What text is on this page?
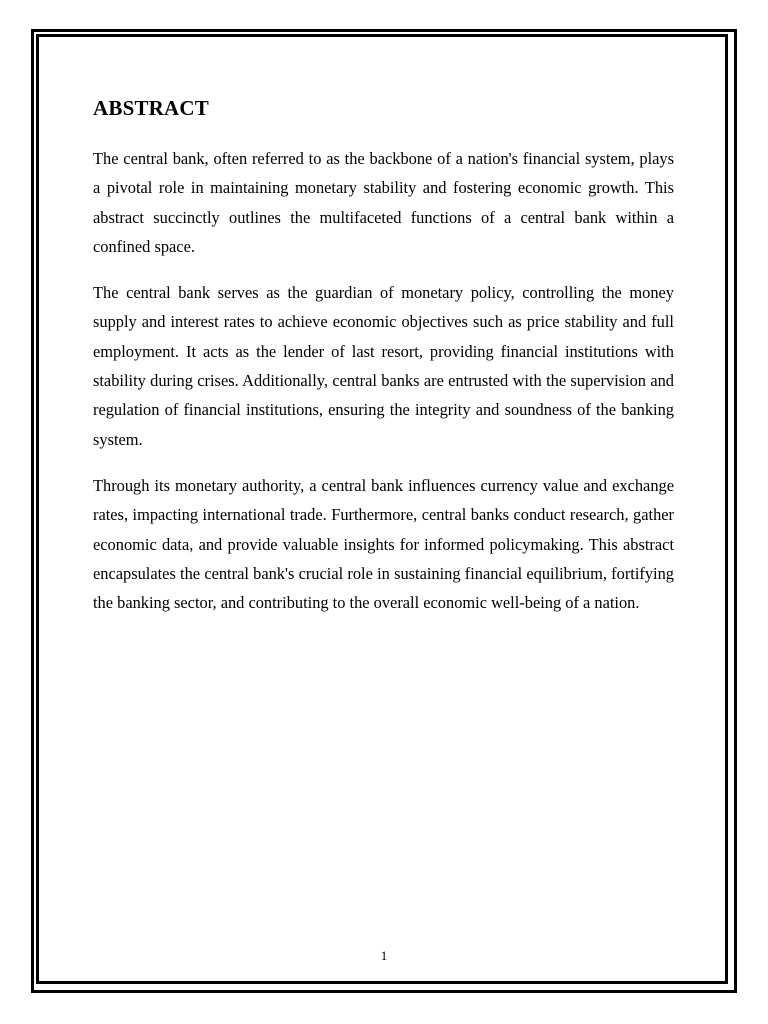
ABSTRACT

The central bank, often referred to as the backbone of a nation's financial system, plays a pivotal role in maintaining monetary stability and fostering economic growth. This abstract succinctly outlines the multifaceted functions of a central bank within a confined space.

The central bank serves as the guardian of monetary policy, controlling the money supply and interest rates to achieve economic objectives such as price stability and full employment. It acts as the lender of last resort, providing financial institutions with stability during crises. Additionally, central banks are entrusted with the supervision and regulation of financial institutions, ensuring the integrity and soundness of the banking system.

Through its monetary authority, a central bank influences currency value and exchange rates, impacting international trade. Furthermore, central banks conduct research, gather economic data, and provide valuable insights for informed policymaking. This abstract encapsulates the central bank's crucial role in sustaining financial equilibrium, fortifying the banking sector, and contributing to the overall economic well-being of a nation.

1
